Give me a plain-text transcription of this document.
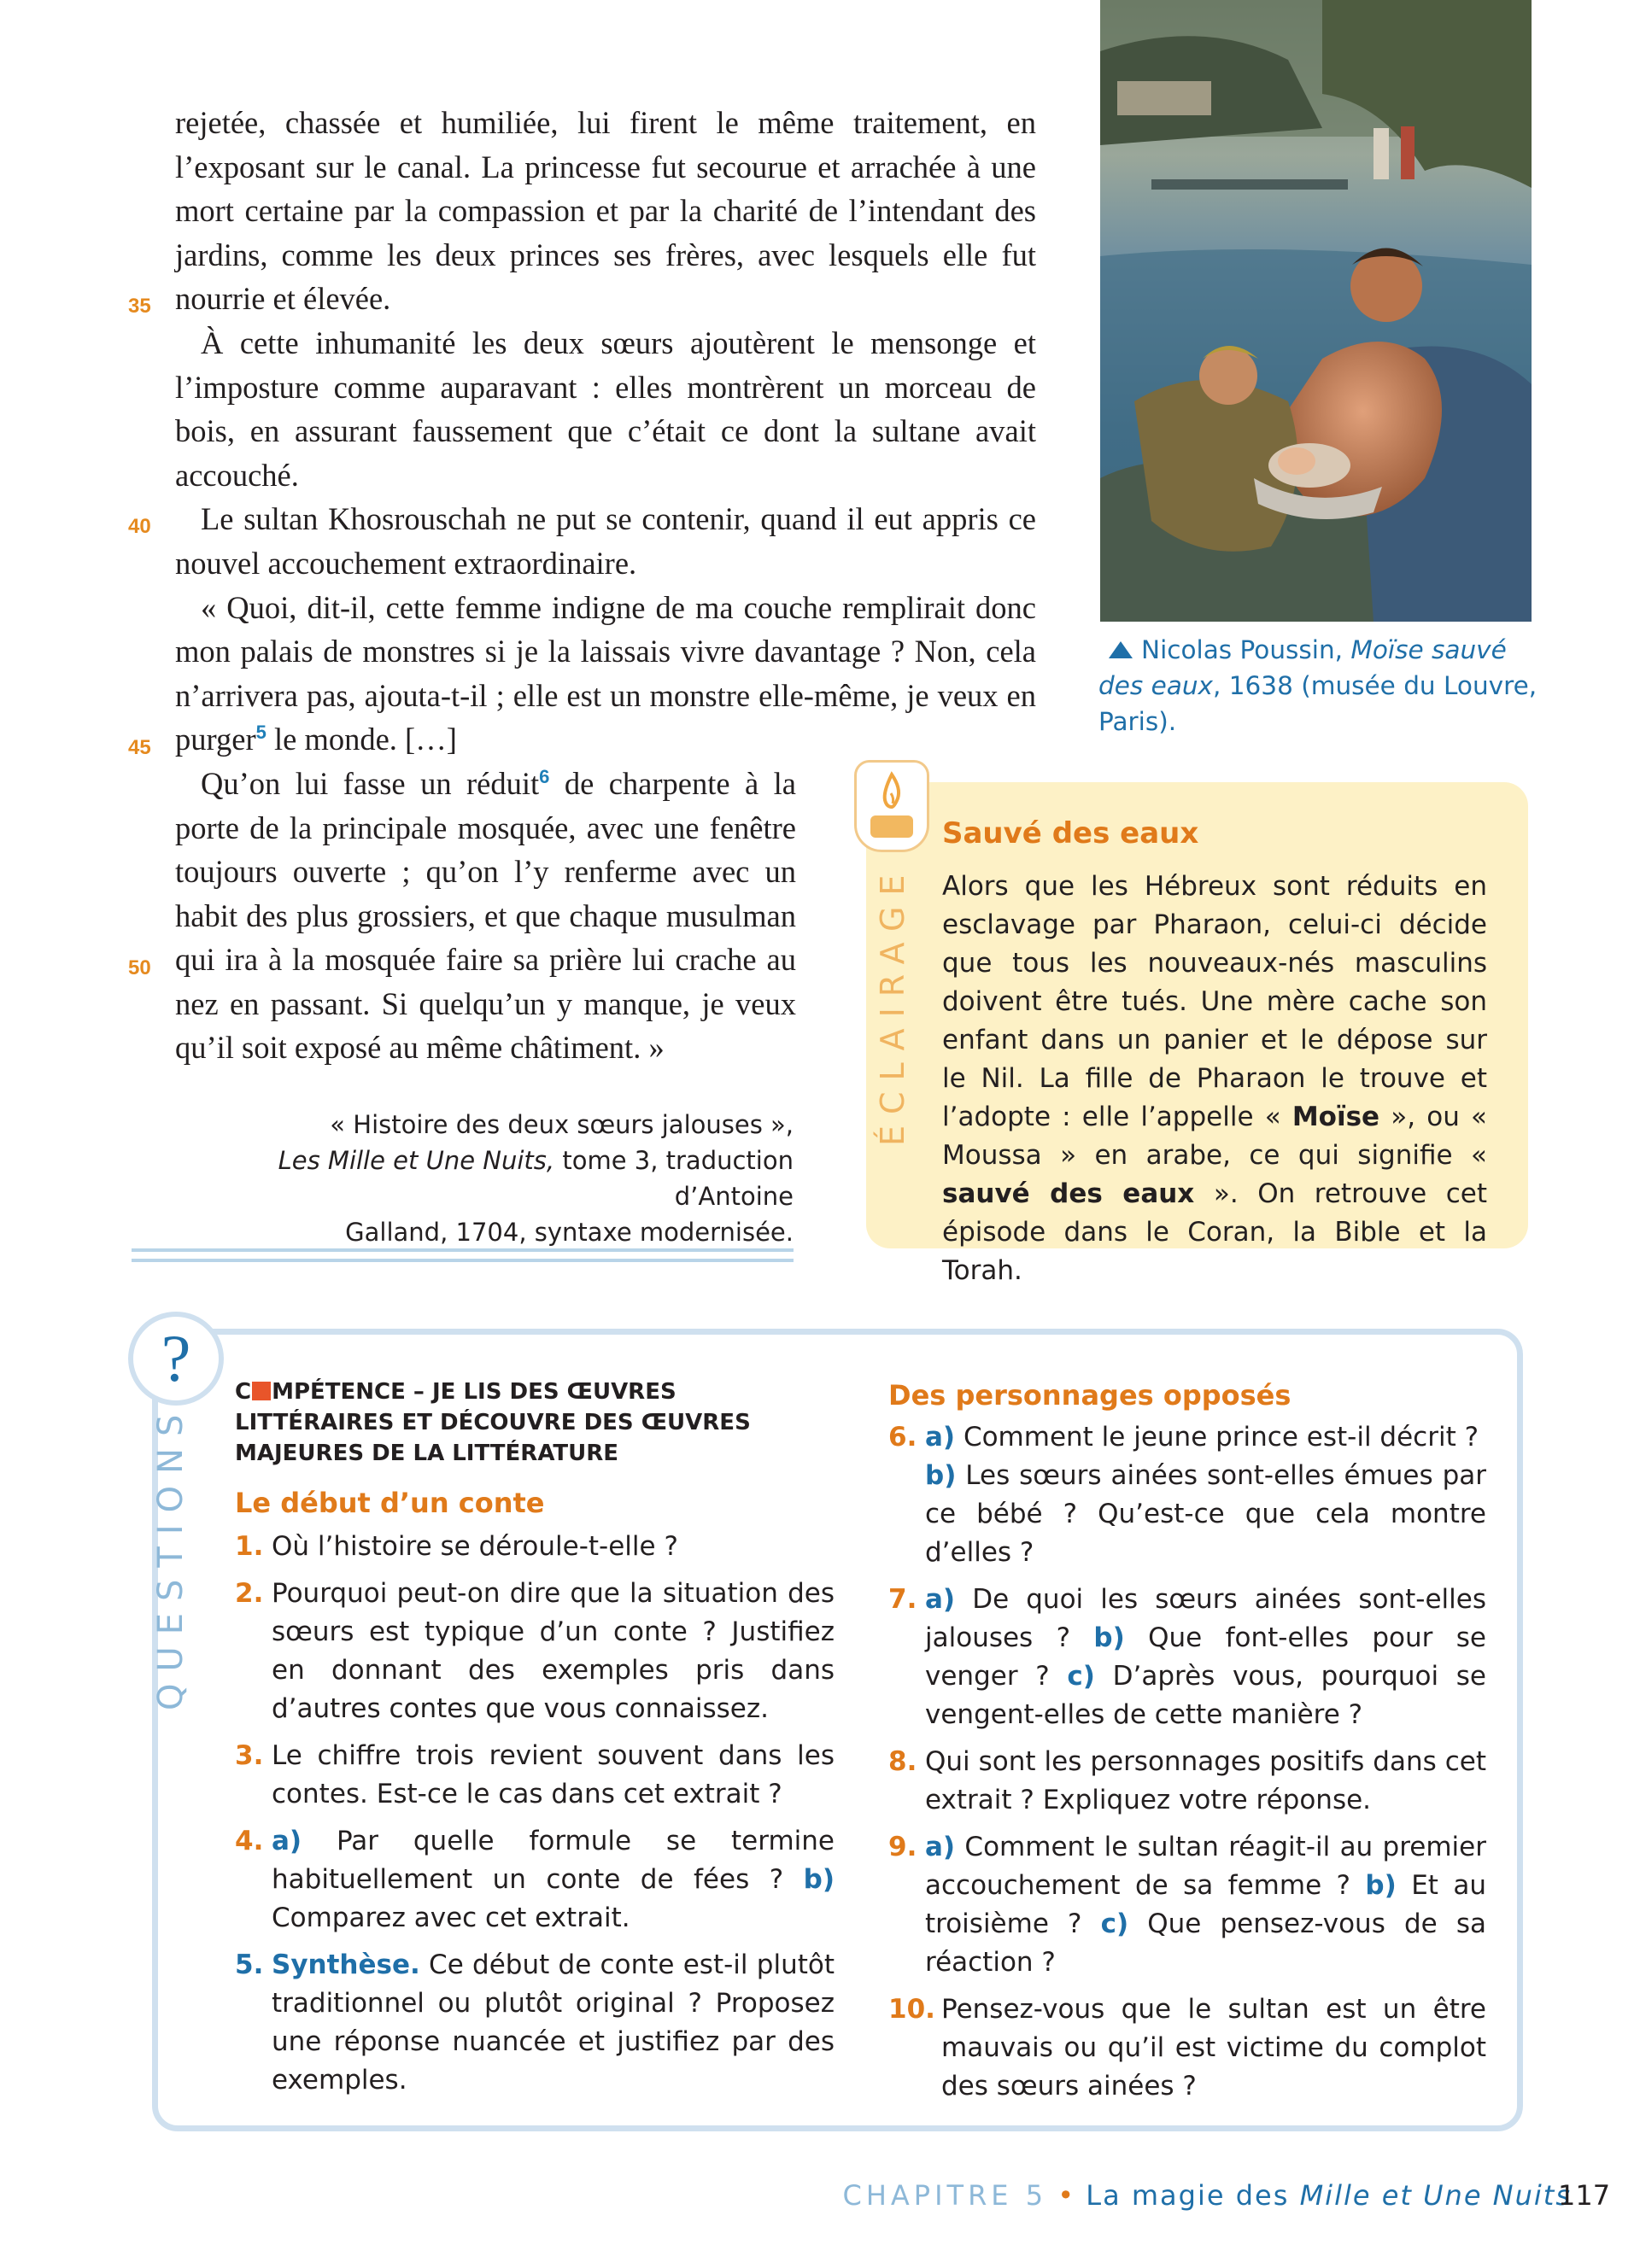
rejetée, chassée et humiliée, lui firent le même traitement, en l’exposant sur le canal. La princesse fut secourue et arrachée à une mort certaine par la compassion et par la charité de l’intendant des jardins, comme les deux princes ses frères, avec lesquels elle fut nourrie et élevée.

À cette inhumanité les deux sœurs ajoutèrent le mensonge et l’imposture comme auparavant : elles montrèrent un morceau de bois, en assurant faussement que c’était ce dont la sultane avait accouché.

Le sultan Khosrouschah ne put se contenir, quand il eut appris ce nouvel accouchement extraordinaire.

« Quoi, dit-il, cette femme indigne de ma couche remplirait donc mon palais de monstres si je la laissais vivre davantage ? Non, cela n’arrivera pas, ajouta-t-il ; elle est un monstre elle-même, je veux en purger$^5$ le monde. […]

Qu’on lui fasse un réduit$^6$ de charpente à la porte de la principale mosquée, avec une fenêtre toujours ouverte ; qu’on l’y renferme avec un habit des plus grossiers, et que chaque musulman qui ira à la mosquée faire sa prière lui crache au nez en passant. Si quelqu’un y manque, je veux qu’il soit exposé au même châtiment. »

35
40
45
50
« Histoire des deux sœurs jalouses »,
Les Mille et Une Nuits, tome 3, traduction d’Antoine
Galland, 1704, syntaxe modernisée.
Nicolas Poussin, Moïse sauvé des eaux, 1638 (musée du Louvre, Paris).
ÉCLAIRAGE
Sauvé des eaux
Alors que les Hébreux sont réduits en esclavage par Pharaon, celui-ci décide que tous les nouveaux-nés masculins doivent être tués. Une mère cache son enfant dans un panier et le dépose sur le Nil. La fille de Pharaon le trouve et l’adopte : elle l’appelle « Moïse », ou « Moussa » en arabe, ce qui signifie « sauvé des eaux ». On retrouve cet épisode dans le Coran, la Bible et la Torah.
?
QUESTIONS
C MPÉTENCE – JE LIS DES ŒUVRES LITTÉRAIRES ET DÉCOUVRE DES ŒUVRES MAJEURES DE LA LITTÉRATURE
Le début d’un conte
1. Où l’histoire se déroule-t-elle ?
2. Pourquoi peut-on dire que la situation des sœurs est typique d’un conte ? Justifiez en donnant des exemples pris dans d’autres contes que vous connaissez.
3. Le chiffre trois revient souvent dans les contes. Est-ce le cas dans cet extrait ?
4. a) Par quelle formule se termine habituellement un conte de fées ? b) Comparez avec cet extrait.
5. Synthèse. Ce début de conte est-il plutôt traditionnel ou plutôt original ? Proposez une réponse nuancée et justifiez par des exemples.
Des personnages opposés
6. a) Comment le jeune prince est-il décrit ?
b) Les sœurs ainées sont-elles émues par ce bébé ? Qu’est-ce que cela montre d’elles ?
7. a) De quoi les sœurs ainées sont-elles jalouses ? b) Que font-elles pour se venger ? c) D’après vous, pourquoi se vengent-elles de cette manière ?
8. Qui sont les personnages positifs dans cet extrait ? Expliquez votre réponse.
9. a) Comment le sultan réagit-il au premier accouchement de sa femme ? b) Et au troisième ? c) Que pensez-vous de sa réaction ?
10. Pensez-vous que le sultan est un être mauvais ou qu’il est victime du complot des sœurs ainées ?
CHAPITRE 5 • La magie des Mille et Une Nuits
117
